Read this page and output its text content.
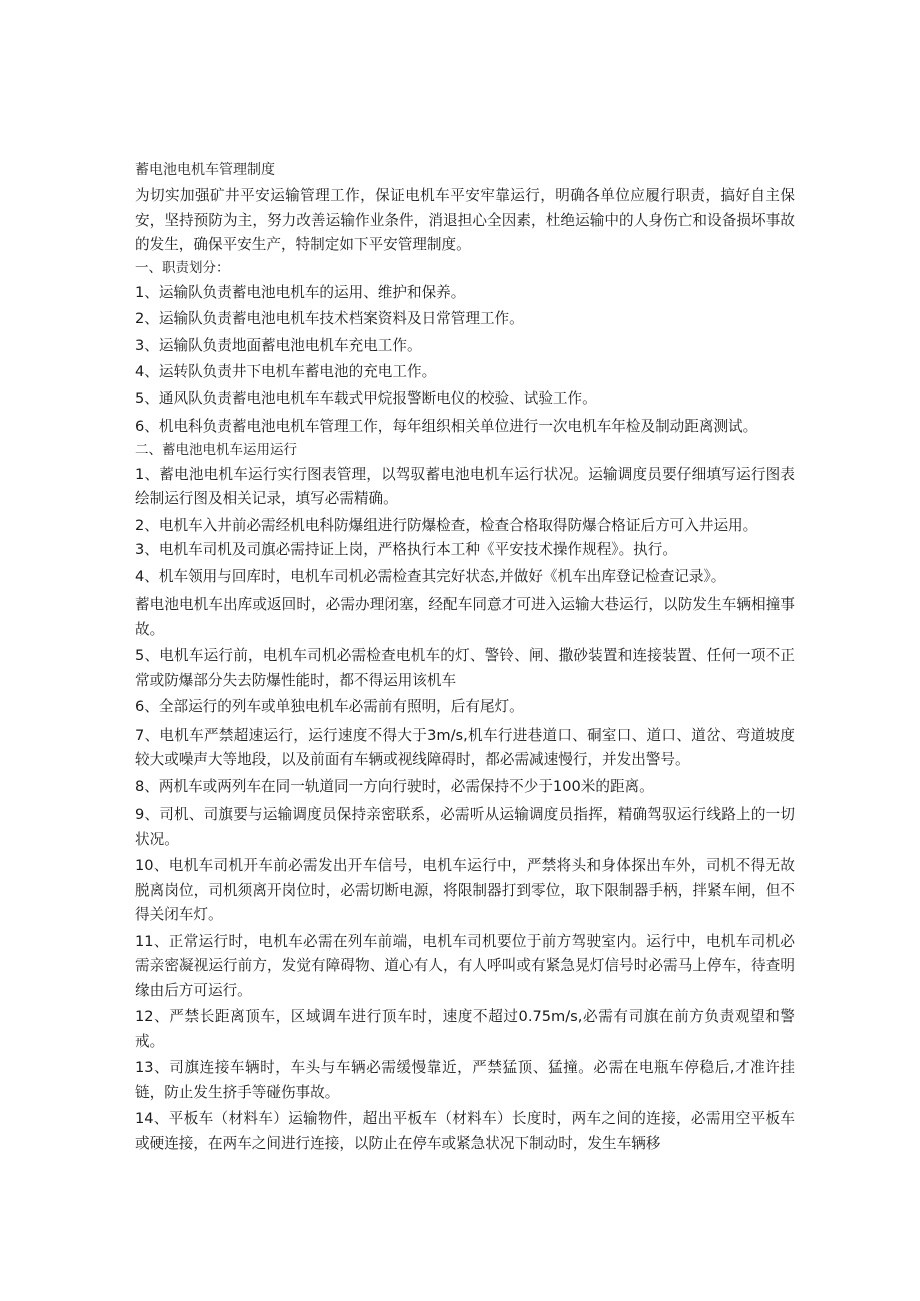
蓄电池电机车管理制度
为切实加强矿井平安运输管理工作，保证电机车平安牢靠运行，明确各单位应履行职责，搞好自主保安，坚持预防为主，努力改善运输作业条件，消退担心全因素，杜绝运输中的人身伤亡和设备损坏事故的发生，确保平安生产，特制定如下平安管理制度。
一、职责划分：
1、运输队负责蓄电池电机车的运用、维护和保养。
2、运输队负责蓄电池电机车技术档案资料及日常管理工作。
3、运输队负责地面蓄电池电机车充电工作。
4、运转队负责井下电机车蓄电池的充电工作。
5、通风队负责蓄电池电机车车载式甲烷报警断电仪的校验、试验工作。
6、机电科负责蓄电池电机车管理工作，每年组织相关单位进行一次电机车年检及制动距离测试。
二、蓄电池电机车运用运行
1、蓄电池电机车运行实行图表管理，以驾驭蓄电池电机车运行状况。运输调度员要仔细填写运行图表绘制运行图及相关记录，填写必需精确。
2、电机车入井前必需经机电科防爆组进行防爆检查，检查合格取得防爆合格证后方可入井运用。
3、电机车司机及司旗必需持证上岗，严格执行本工种《平安技术操作规程》。执行。
4、机车领用与回库时，电机车司机必需检查其完好状态,并做好《机车出库登记检查记录》。
蓄电池电机车出库或返回时，必需办理闭塞，经配车同意才可进入运输大巷运行，以防发生车辆相撞事故。
5、电机车运行前，电机车司机必需检查电机车的灯、警铃、闸、撒砂装置和连接装置、任何一项不正常或防爆部分失去防爆性能时，都不得运用该机车
6、全部运行的列车或单独电机车必需前有照明，后有尾灯。
7、电机车严禁超速运行，运行速度不得大于3m∕s,机车行进巷道口、硐室口、道口、道岔、弯道坡度较大或噪声大等地段，以及前面有车辆或视线障碍时，都必需减速慢行，并发出警号。
8、两机车或两列车在同一轨道同一方向行驶时，必需保持不少于100米的距离。
9、司机、司旗要与运输调度员保持亲密联系，必需听从运输调度员指挥，精确驾驭运行线路上的一切状况。
10、电机车司机开车前必需发出开车信号，电机车运行中，严禁将头和身体探出车外，司机不得无故脱离岗位，司机须离开岗位时，必需切断电源，将限制器打到零位，取下限制器手柄，拌紧车闸，但不得关闭车灯。
11、正常运行时，电机车必需在列车前端，电机车司机要位于前方驾驶室内。运行中，电机车司机必需亲密凝视运行前方，发觉有障碍物、道心有人，有人呼叫或有紧急晃灯信号时必需马上停车，待查明缘由后方可运行。
12、严禁长距离顶车，区域调车进行顶车时，速度不超过0.75m∕s,必需有司旗在前方负责观望和警戒。
13、司旗连接车辆时，车头与车辆必需缓慢靠近，严禁猛顶、猛撞。必需在电瓶车停稳后,才准许挂链，防止发生挤手等碰伤事故。
14、平板车（材料车）运输物件，超出平板车（材料车）长度时，两车之间的连接，必需用空平板车或硬连接，在两车之间进行连接，以防止在停车或紧急状况下制动时，发生车辆移
